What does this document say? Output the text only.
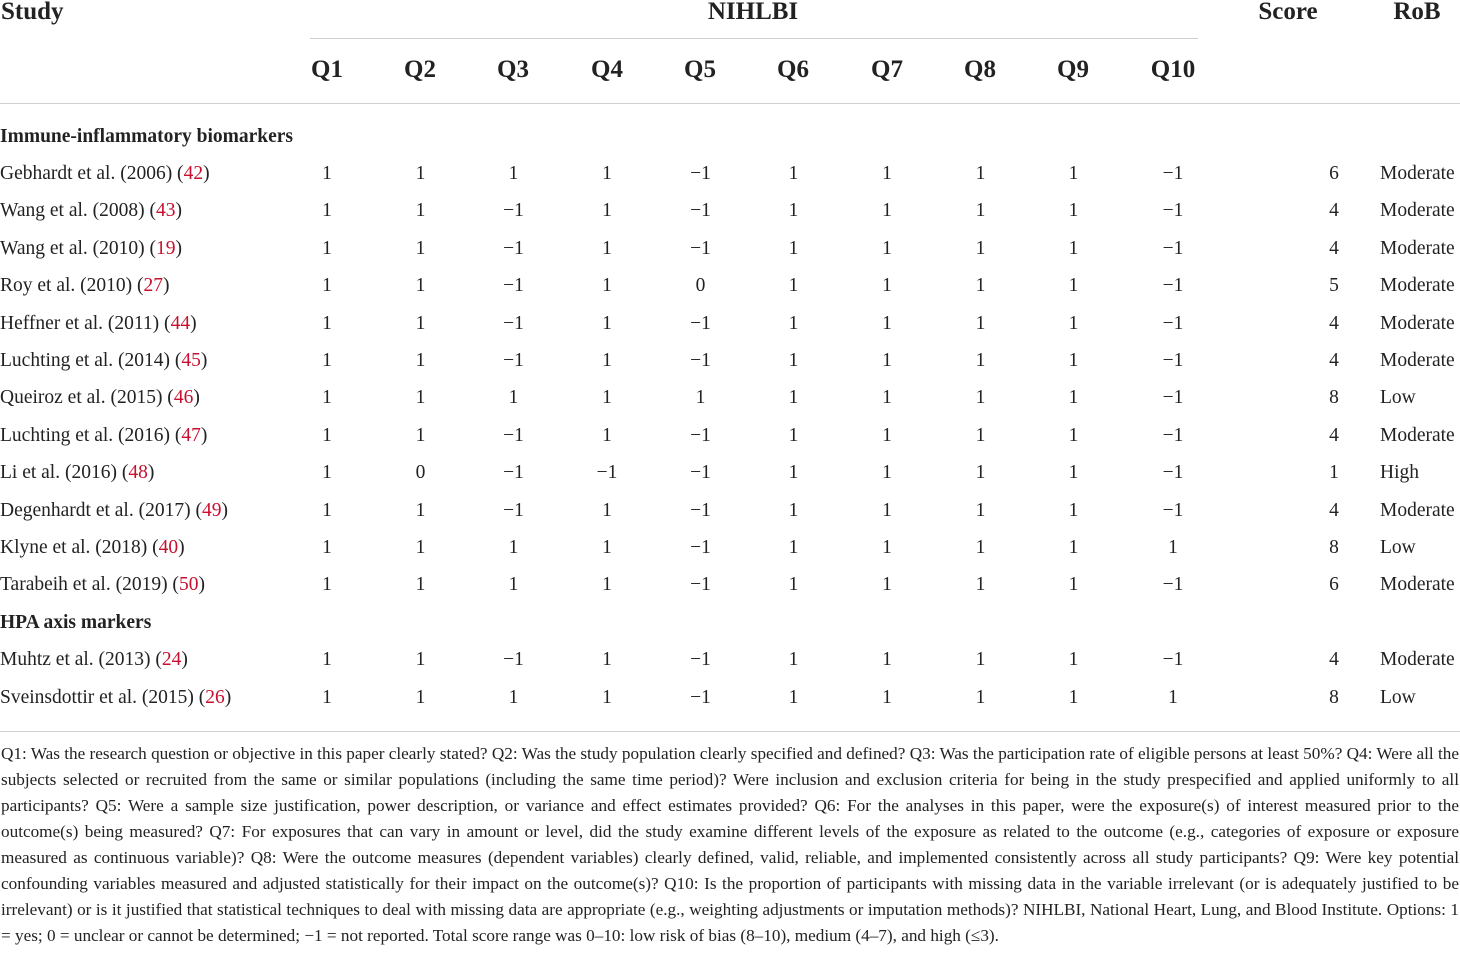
Study	NIHLBI	Score	RoB
Q1 Q2 Q3 Q4 Q5 Q6 Q7 Q8 Q9 Q10
Immune-inflammatory biomarkers													
Gebhardt et al. (2006) (42)	1	1	1	1	−1	1	1	1	1	−1		6	Moderate
Wang et al. (2008) (43)	1	1	−1	1	−1	1	1	1	1	−1		4	Moderate
Wang et al. (2010) (19)	1	1	−1	1	−1	1	1	1	1	−1		4	Moderate
Roy et al. (2010) (27)	1	1	−1	1	0	1	1	1	1	−1		5	Moderate
Heffner et al. (2011) (44)	1	1	−1	1	−1	1	1	1	1	−1		4	Moderate
Luchting et al. (2014) (45)	1	1	−1	1	−1	1	1	1	1	−1		4	Moderate
Queiroz et al. (2015) (46)	1	1	1	1	1	1	1	1	1	−1		8	Low
Luchting et al. (2016) (47)	1	1	−1	1	−1	1	1	1	1	−1		4	Moderate
Li et al. (2016) (48)	1	0	−1	−1	−1	1	1	1	1	−1		1	High
Degenhardt et al. (2017) (49)	1	1	−1	1	−1	1	1	1	1	−1		4	Moderate
Klyne et al. (2018) (40)	1	1	1	1	−1	1	1	1	1	1		8	Low
Tarabeih et al. (2019) (50)	1	1	1	1	−1	1	1	1	1	−1		6	Moderate
HPA axis markers													
Muhtz et al. (2013) (24)	1	1	−1	1	−1	1	1	1	1	−1		4	Moderate
Sveinsdottir et al. (2015) (26)	1	1	1	1	−1	1	1	1	1	1		8	Low
Q1: Was the research question or objective in this paper clearly stated? Q2: Was the study population clearly specified and defined? Q3: Was the participation rate of eligible persons at least 50%? Q4: Were all the subjects selected or recruited from the same or similar populations (including the same time period)? Were inclusion and exclusion criteria for being in the study prespecified and applied uniformly to all participants? Q5: Were a sample size justification, power description, or variance and effect estimates provided? Q6: For the analyses in this paper, were the exposure(s) of interest measured prior to the outcome(s) being measured? Q7: For exposures that can vary in amount or level, did the study examine different levels of the exposure as related to the outcome (e.g., categories of exposure or exposure measured as continuous variable)? Q8: Were the outcome measures (dependent variables) clearly defined, valid, reliable, and implemented consistently across all study participants? Q9: Were key potential confounding variables measured and adjusted statistically for their impact on the outcome(s)? Q10: Is the proportion of participants with missing data in the variable irrelevant (or is adequately justified to be irrelevant) or is it justified that statistical techniques to deal with missing data are appropriate (e.g., weighting adjustments or imputation methods)? NIHLBI, National Heart, Lung, and Blood Institute. Options: 1 = yes; 0 = unclear or cannot be determined; −1 = not reported. Total score range was 0–10: low risk of bias (8–10), medium (4–7), and high (≤3).
